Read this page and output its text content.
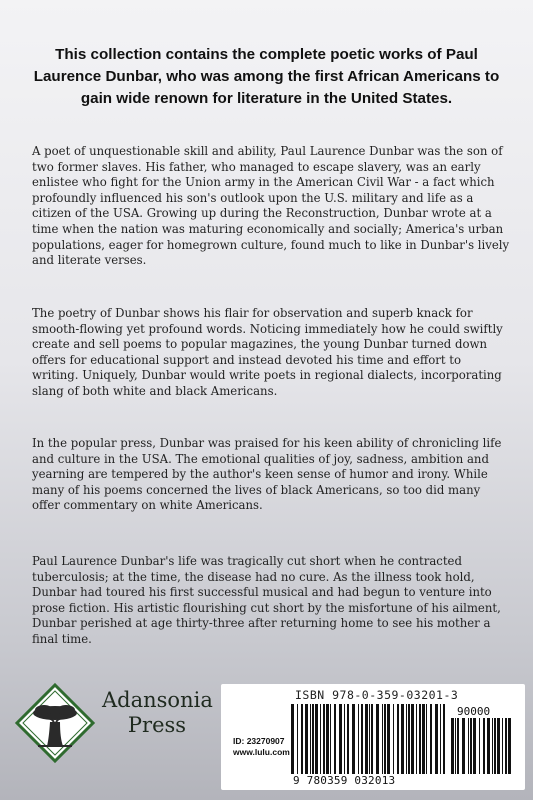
This collection contains the complete poetic works of Paul Laurence Dunbar, who was among the first African Americans to gain wide renown for literature in the United States.

A poet of unquestionable skill and ability, Paul Laurence Dunbar was the son of two former slaves. His father, who managed to escape slavery, was an early enlistee who fight for the Union army in the American Civil War - a fact which profoundly influenced his son's outlook upon the U.S. military and life as a citizen of the USA. Growing up during the Reconstruction, Dunbar wrote at a time when the nation was maturing economically and socially; America's urban populations, eager for homegrown culture, found much to like in Dunbar's lively and literate verses.

The poetry of Dunbar shows his flair for observation and superb knack for smooth-flowing yet profound words. Noticing immediately how he could swiftly create and sell poems to popular magazines, the young Dunbar turned down offers for educational support and instead devoted his time and effort to writing. Uniquely, Dunbar would write poets in regional dialects, incorporating slang of both white and black Americans.

In the popular press, Dunbar was praised for his keen ability of chronicling life and culture in the USA. The emotional qualities of joy, sadness, ambition and yearning are tempered by the author's keen sense of humor and irony. While many of his poems concerned the lives of black Americans, so too did many offer commentary on white Americans.

Paul Laurence Dunbar's life was tragically cut short when he contracted tuberculosis; at the time, the disease had no cure. As the illness took hold, Dunbar had toured his first successful musical and had begun to venture into prose fiction. His artistic flourishing cut short by the misfortune of his ailment, Dunbar perished at age thirty-three after returning home to see his mother a final time.

Adansonia
Press
ISBN 978-0-359-03201-3
ID: 23270907
www.lulu.com
9 780359 032013
90000
